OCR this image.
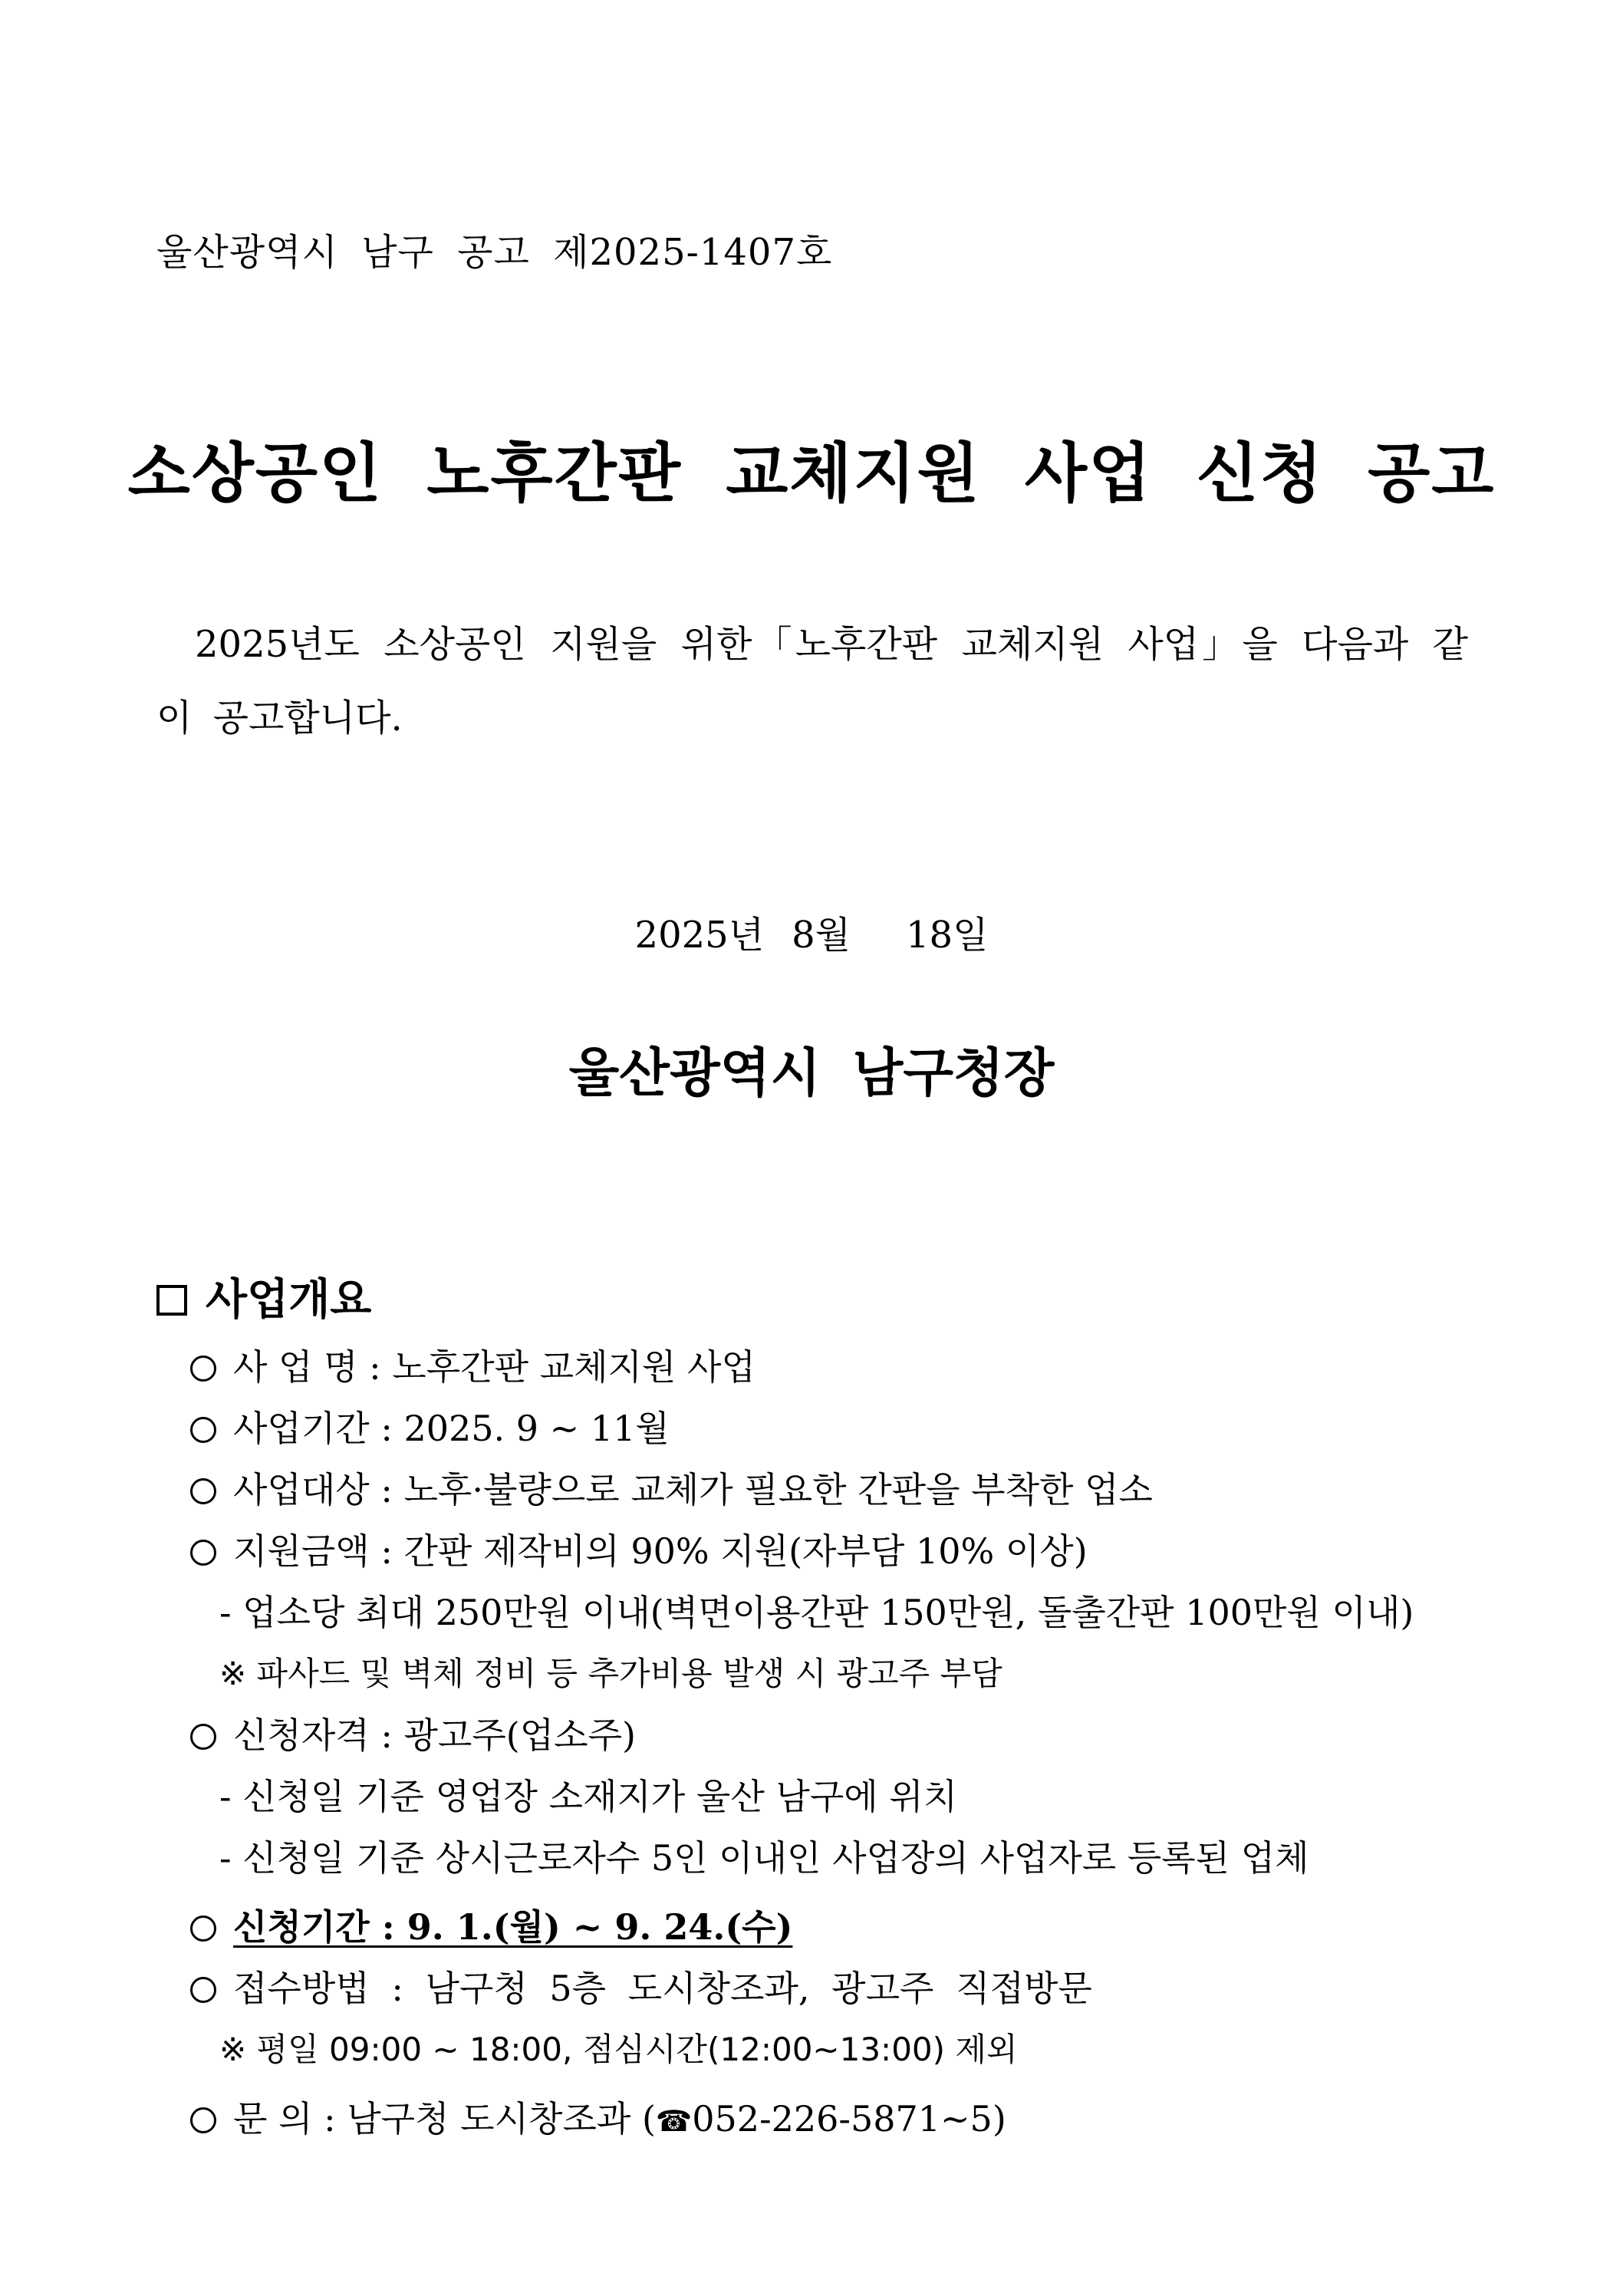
울산광역시 남구 공고 제2025-1407호
소상공인 노후간판 교체지원 사업 신청 공고
2025년도 소상공인 지원을 위한「노후간판 교체지원 사업」을 다음과 같이 공고합니다.
2025년 8월 18일
울산광역시 남구청장
사업개요
사 업 명 : 노후간판 교체지원 사업
사업기간 : 2025. 9 ~ 11월
사업대상 : 노후·불량으로 교체가 필요한 간판을 부착한 업소
지원금액 : 간판 제작비의 90% 지원(자부담 10% 이상)
- 업소당 최대 250만원 이내(벽면이용간판 150만원, 돌출간판 100만원 이내)
※ 파사드 및 벽체 정비 등 추가비용 발생 시 광고주 부담
신청자격 : 광고주(업소주)
- 신청일 기준 영업장 소재지가 울산 남구에 위치
- 신청일 기준 상시근로자수 5인 이내인 사업장의 사업자로 등록된 업체
신청기간 : 9. 1.(월) ~ 9. 24.(수)
접수방법 : 남구청 5층 도시창조과, 광고주 직접방문
※ 평일 09:00 ~ 18:00, 점심시간(12:00~13:00) 제외
문 의 : 남구청 도시창조과 (☎052-226-5871~5)
